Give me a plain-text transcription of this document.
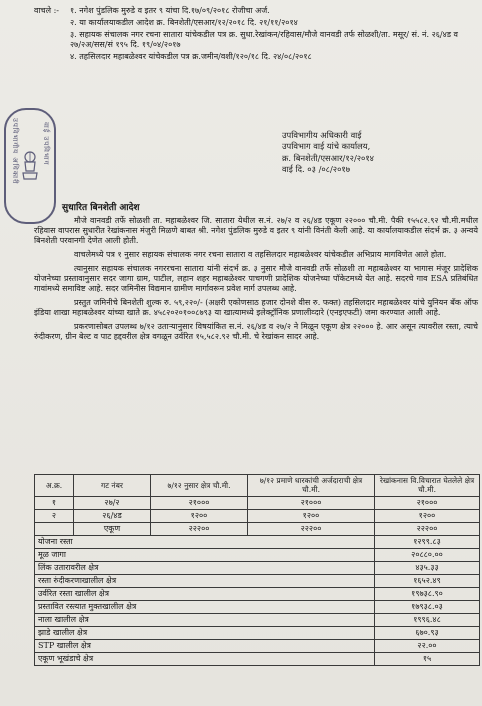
वाचले :-	१. नगेश पुंडलिक मुरुडे व इतर ९ यांचा दि.१७/०९/२०१८ रोजीचा अर्ज.
२. या कार्यालयाकडील आदेश क्र. बिनशेती/एसआर/१२/२०१८ दि. २१/११/२०१४
३. सहायक संचालक नगर रचना सातारा यांचेकडील पत्र क्र. सुधा.रेखांकन/रहिवास/मौजे वानवडी तर्फ सोळशी/ता. मसूर/ सं. नं. २६/४ड व २७/२अ/सस/सं १९५ दि. १९/०४/२०१७
४. तहसिलदार महाबळेश्वर यांचेकडील पत्र क्र.जमीन/वशी/१२०/१८ दि. २४/०८/२०१८
उपविभागीय अधिकारी	वाई उपविभाग	उपविभागीय अधिकारी वाई
उपविभाग वाई यांचे कार्यालय,
क्र. बिनशेती/एसआर/१२/२०१४
वाई दि. ०३ /०८/२०१७
सुधारित बिनशेती आदेश

मौजे वानवडी तर्फे सोळशी ता. महाबळेश्वर जि. सातारा येथील स.नं. २७/२ व २६/४ड एकूण २२००० चौ.मी. पैकी १५५८२.९२ चौ.मी.मधील रहिवास वापरास सुधारीत रेखांकनास मंजुरी मिळणे बाबत श्री. नगेश पुंडलिक मुरुडे व इतर ९ यांनी विनंती केली आहे. या कार्यालयाकडील संदर्भ क्र. ३ अन्वये बिनशेती परवानगी देणेत आली होती.

वाचलेमध्ये पत्र १ नुसार सहायक संचालक नगर रचना सातारा व तहसिलदार महाबळेश्वर यांचेकडील अभिप्राय मागविणेत आले होता.

त्यानुसार सहायक संचालक नगररचना सातारा यांनी संदर्भ क्र. ३ नुसार मौजे वानवडी तर्फे सोळशी ता महाबळेश्वर या भागास मंजूर प्रादेशिक योजनेच्या प्रस्तावानुसार सदर जागा ग्राम, पाटील, लहान शहर महाबळेश्वर पाचगणी प्रादेशिक योजनेच्या पॉकेटमध्ये येत आहे. सदरचे गाव ESA प्रतिबंधित गावांमध्ये समाविष्ट आहे. सदर जमिनीस विद्यमान ग्रामीण मार्गावरून प्रवेश मार्ग उपलब्ध आहे.

प्रस्तुत जमिनीचे बिनशेती शुल्क रु. ५९,२२०/- (अक्षरी एकोणसाठ हजार दोनशे वीस रु. फक्त) तहसिलदार महाबळेश्वर यांचे युनियन बँक ऑफ इंडिया शाखा महाबळेश्वर यांच्या खाते क्र. ४५८२०२०१००८७९३ या खात्यामध्ये इलेक्ट्रॉनिक प्रणालीव्दारे (एनइएफटी) जमा करण्यात आली आहे.

प्रकरणासोबत उपलब्ध ७/१२ उताऱ्यानुसार विषयांकित स.नं. २६/४ड व २७/२ ने मिळून एकूण क्षेत्र २२००० हे. आर असून त्यावरील रस्ता, त्याचे रुंदीकरण, ग्रीन बेल्ट व पाट हद्दवरील क्षेत्र वगळून उर्वरित १५,५८२.९२ चौ.मी. चे रेखांकन सादर आहे.

अ.क्र.	गट नंबर	७/१२ नुसार क्षेत्र चौ.मी.	७/१२ प्रमाणे धारकांची अर्जदाराची क्षेत्र चौ.मी.	रेखांकनास वि.विचारात घेतलेले क्षेत्र चौ.मी.
१	२७/२	२१०००	२१०००	२१०००
२	२६/४ड	१२००	१२००	१२००
	एकूण	२२२००	२२२००	२२२००
योजना रस्ता				१२९९.८३
मूळ जागा				२०८८०.००
लिंक उतारावरील क्षेत्र				४३५.३३
रस्ता रुंदीकरणाखालील क्षेत्र				१६५२.४९
उर्वरित रस्ता खालील क्षेत्र				१९७३८.९०
प्रस्तावित रस्त्यात मुक्तखालील क्षेत्र				१७९३८.०३
नाला खालील क्षेत्र				१९९६.४८
झाडे खालील क्षेत्र				६७०.९३
STP खालील क्षेत्र				२२.००
एकूण भूखंडाचे क्षेत्र				१५
